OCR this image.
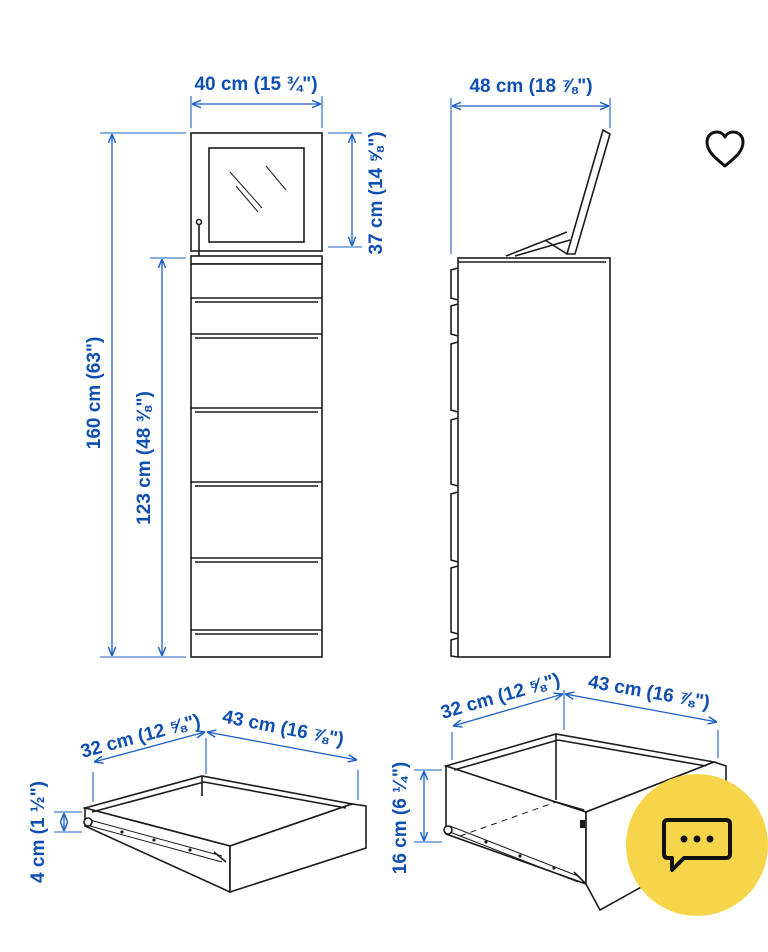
40 cm (15 ¾")
160 cm (63") 123 cm (48 ⅜")
37 cm (14 ⅝")
48 cm (18 ⅞")
32 cm (12 ⅝") 43 cm (16 ⅞")
4 cm (1 ½")
32 cm (12 ⅝") 43 cm (16 ⅞")
16 cm (6 ¼")
